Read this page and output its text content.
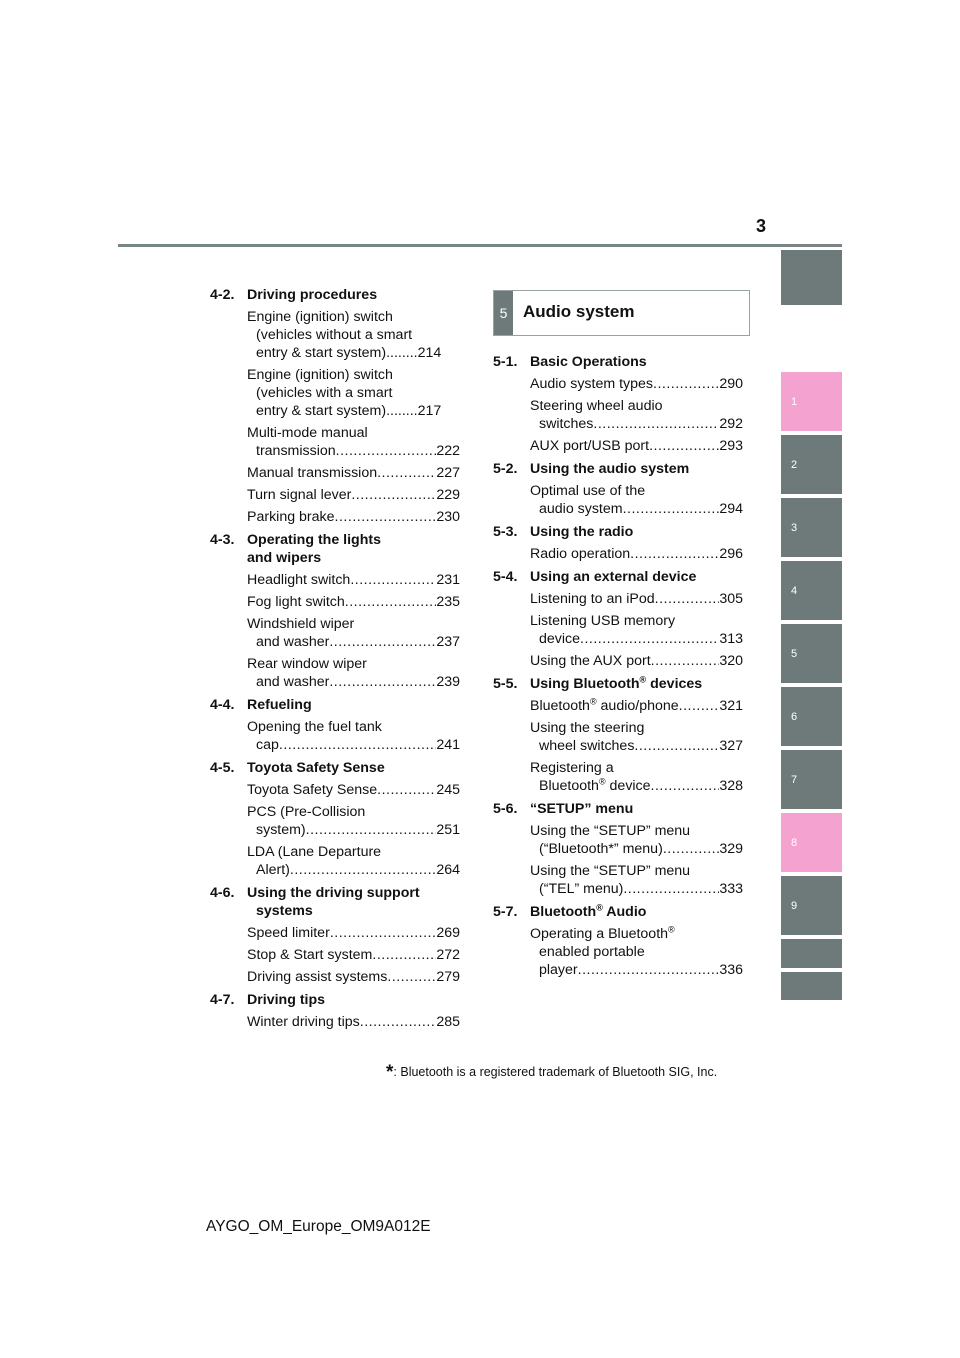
3
1
2
3
4
5
6
7
8
9
4-2. Driving procedures
Engine (ignition) switch
(vehicles without a smart
entry & start system)........214
Engine (ignition) switch
(vehicles with a smart
entry & start system)........217
Multi-mode manual
transmission .....	222
Manual transmission .....	227
Turn signal lever .....	229
Parking brake .....	230
4-3. Operating the lights
and wipers
Headlight switch .....	231
Fog light switch .....	235
Windshield wiper
and washer .....	237
Rear window wiper
and washer .....	239
4-4. Refueling
Opening the fuel tank
cap .....	241
4-5. Toyota Safety Sense
Toyota Safety Sense .....	245
PCS (Pre-Collision
system) .....	251
LDA (Lane Departure
Alert) .....	264
4-6. Using the driving support
systems
Speed limiter .....	269
Stop & Start system .....	272
Driving assist systems .....	279
4-7. Driving tips
Winter driving tips .....	285
5 Audio system
5-1. Basic Operations
Audio system types .....	290
Steering wheel audio
switches .....	292
AUX port/USB port .....	293
5-2. Using the audio system
Optimal use of the
audio system .....	294
5-3. Using the radio
Radio operation .....	296
5-4. Using an external device
Listening to an iPod .....	305
Listening USB memory
device .....	313
Using the AUX port .....	320
5-5. Using Bluetooth® devices
Bluetooth® audio/phone .....	321
Using the steering
wheel switches .....	327
Registering a
Bluetooth® device .....	328
5-6. “SETUP” menu
Using the “SETUP” menu
(“Bluetooth*” menu) .....	329
Using the “SETUP” menu
(“TEL” menu) .....	333
5-7. Bluetooth® Audio
Operating a Bluetooth®
enabled portable
player .....	336
*: Bluetooth is a registered trademark of Bluetooth SIG, Inc.
AYGO_OM_Europe_OM9A012E
